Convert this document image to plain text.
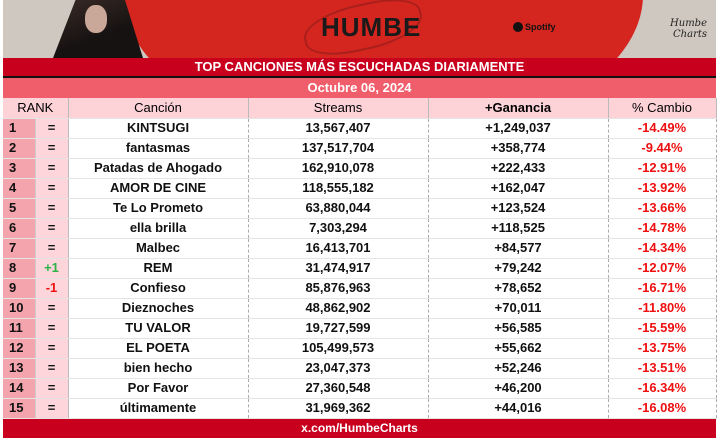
HUMBE	Spotify	Humbe Charts
TOP CANCIONES MÁS ESCUCHADAS DIARIAMENTE
Octubre 06, 2024
RANK		Canción	Streams	+Ganancia	% Cambio
1	=	KINTSUGI	13,567,407	+1,249,037	-14.49%
2	=	fantasmas	137,517,704	+358,774	-9.44%
3	=	Patadas de Ahogado	162,910,078	+222,433	-12.91%
4	=	AMOR DE CINE	118,555,182	+162,047	-13.92%
5	=	Te Lo Prometo	63,880,044	+123,524	-13.66%
6	=	ella brilla	7,303,294	+118,525	-14.78%
7	=	Malbec	16,413,701	+84,577	-14.34%
8	+1	REM	31,474,917	+79,242	-12.07%
9	-1	Confieso	85,876,963	+78,652	-16.71%
10	=	Dieznoches	48,862,902	+70,011	-11.80%
11	=	TU VALOR	19,727,599	+56,585	-15.59%
12	=	EL POETA	105,499,573	+55,662	-13.75%
13	=	bien hecho	23,047,373	+52,246	-13.51%
14	=	Por Favor	27,360,548	+46,200	-16.34%
15	=	últimamente	31,969,362	+44,016	-16.08%
x.com/HumbeCharts
